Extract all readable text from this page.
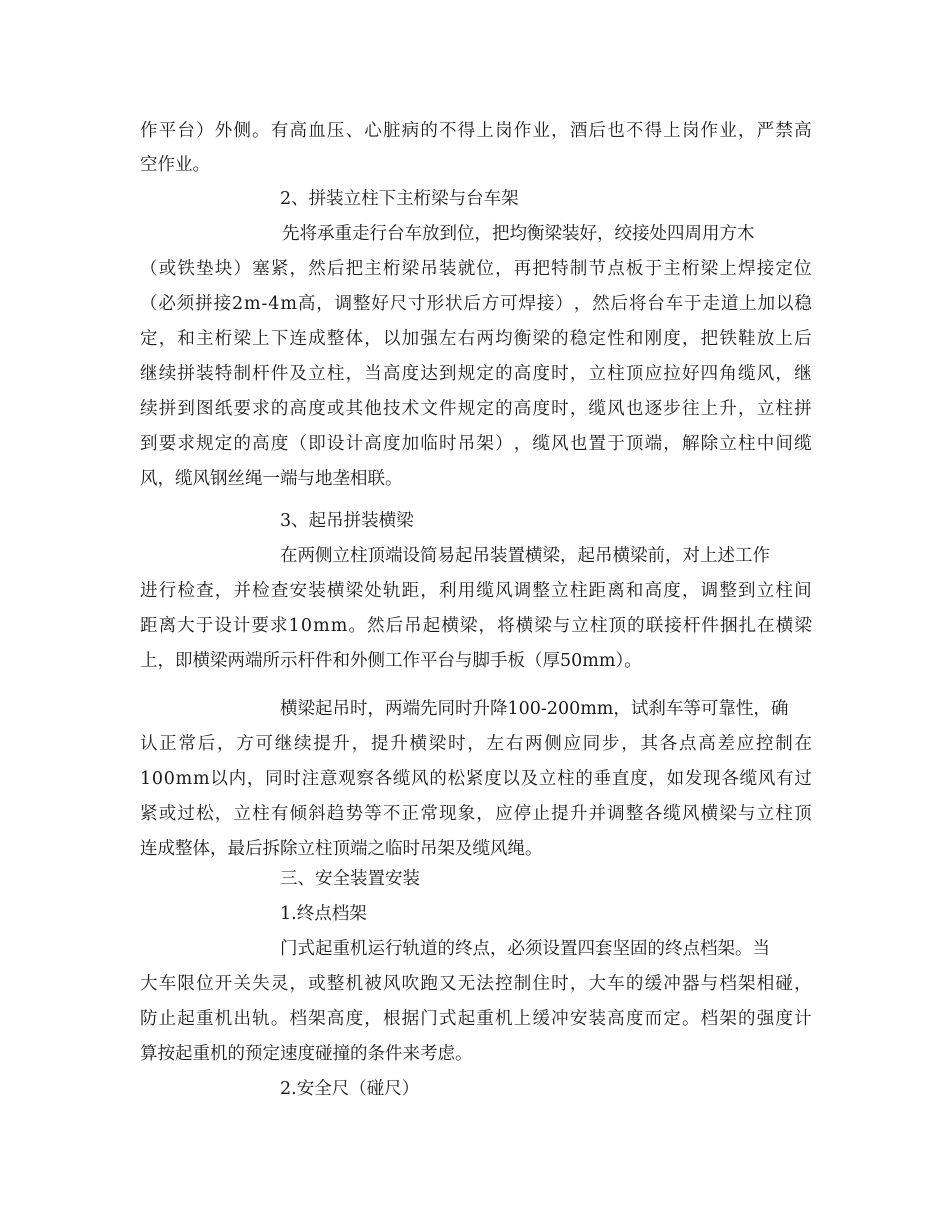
作 平 台 ） 外 侧 。 有 高 血 压 、 心 脏 病 的 不 得 上 岗 作 业 ， 酒 后 也 不 得 上 岗 作 业 ， 严 禁 高
空作业。
2、拼装立柱下主桁梁与台车架
先将承重走行台车放到位，把均衡梁装好，绞接处四周用方木
（ 或 铁 垫 块 ） 塞 紧 ， 然 后 把 主 桁 梁 吊 装 就 位 ， 再 把 特 制 节 点 板 于 主 桁 梁 上 焊 接 定 位
（ 必 须 拼 接 2 m - 4 m 高 ， 调 整 好 尺 寸 形 状 后 方 可 焊 接 ） ， 然 后 将 台 车 于 走 道 上 加 以 稳
定 ， 和 主 桁 梁 上 下 连 成 整 体 ， 以 加 强 左 右 两 均 衡 梁 的 稳 定 性 和 刚 度 ， 把 铁 鞋 放 上 后
继 续 拼 装 特 制 杆 件 及 立 柱 ， 当 高 度 达 到 规 定 的 高 度 时 ， 立 柱 顶 应 拉 好 四 角 缆 风 ， 继
续 拼 到 图 纸 要 求 的 高 度 或 其 他 技 术 文 件 规 定 的 高 度 时 ， 缆 风 也 逐 步 往 上 升 ， 立 柱 拼
到 要 求 规 定 的 高 度 （ 即 设 计 高 度 加 临 时 吊 架 ） ， 缆 风 也 置 于 顶 端 ， 解 除 立 柱 中 间 缆
风，缆风钢丝绳一端与地垄相联。
3、起吊拼装横梁
在两侧立柱顶端设简易起吊装置横梁，起吊横梁前，对上述工作
进 行 检 查 ， 并 检 查 安 装 横 梁 处 轨 距 ， 利 用 缆 风 调 整 立 柱 距 离 和 高 度 ， 调 整 到 立 柱 间
距 离 大 于 设 计 要 求 1 0 m m 。 然 后 吊 起 横 梁 ， 将 横 梁 与 立 柱 顶 的 联 接 杆 件 捆 扎 在 横 梁
上，即横梁两端所示杆件和外侧工作平台与脚手板（厚50mm）。
横梁起吊时，两端先同时升降100-200mm，试刹车等可靠性，确
认 正 常 后 ， 方 可 继 续 提 升 ， 提 升 横 梁 时 ， 左 右 两 侧 应 同 步 ， 其 各 点 高 差 应 控 制 在
1 0 0 m m 以 内 ， 同 时 注 意 观 察 各 缆 风 的 松 紧 度 以 及 立 柱 的 垂 直 度 ， 如 发 现 各 缆 风 有 过
紧 或 过 松 ， 立 柱 有 倾 斜 趋 势 等 不 正 常 现 象 ， 应 停 止 提 升 并 调 整 各 缆 风 横 梁 与 立 柱 顶
连成整体，最后拆除立柱顶端之临时吊架及缆风绳。
三、安全装置安装
1.终点档架
门式起重机运行轨道的终点，必须设置四套坚固的终点档架。当
大 车 限 位 开 关 失 灵 ， 或 整 机 被 风 吹 跑 又 无 法 控 制 住 时 ， 大 车 的 缓 冲 器 与 档 架 相 碰 ，
防 止 起 重 机 出 轨 。 档 架 高 度 ， 根 据 门 式 起 重 机 上 缓 冲 安 装 高 度 而 定 。 档 架 的 强 度 计
算按起重机的预定速度碰撞的条件来考虑。
2.安全尺（碰尺）
